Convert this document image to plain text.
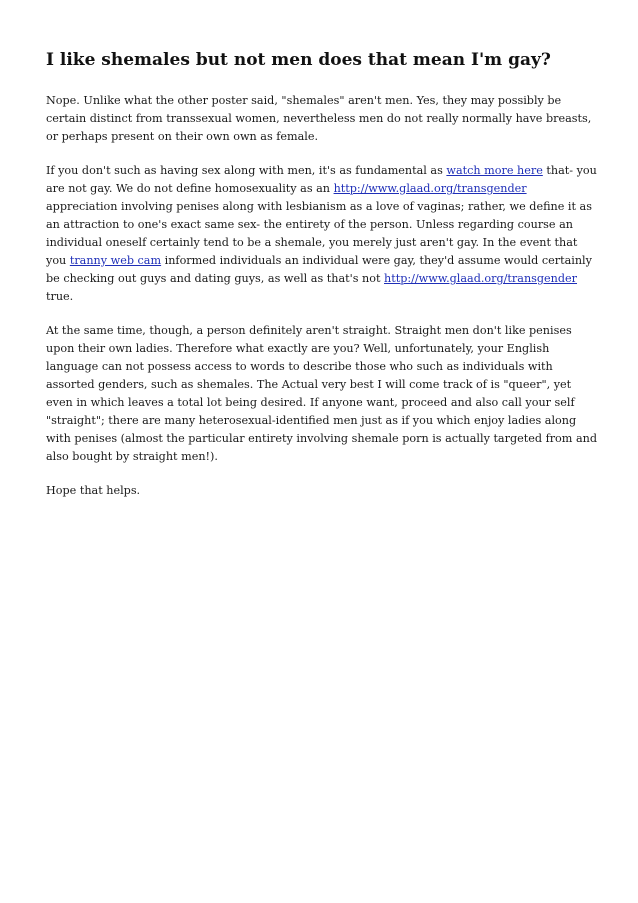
I like shemales but not men does that mean I'm gay?

Nope. Unlike what the other poster said, "shemales" aren't men. Yes, they may possibly be certain distinct from transsexual women, nevertheless men do not really normally have breasts, or perhaps present on their own own as female.

If you don't such as having sex along with men, it's as fundamental as watch more here that- you are not gay. We do not define homosexuality as an http://www.glaad.org/transgender appreciation involving penises along with lesbianism as a love of vaginas; rather, we define it as an attraction to one's exact same sex- the entirety of the person. Unless regarding course an individual oneself certainly tend to be a shemale, you merely just aren't gay. In the event that you tranny web cam informed individuals an individual were gay, they'd assume would certainly be checking out guys and dating guys, as well as that's not http://www.glaad.org/transgender true.

At the same time, though, a person definitely aren't straight. Straight men don't like penises upon their own ladies. Therefore what exactly are you? Well, unfortunately, your English language can not possess access to words to describe those who such as individuals with assorted genders, such as shemales. The Actual very best I will come track of is "queer", yet even in which leaves a total lot being desired. If anyone want, proceed and also call your self "straight"; there are many heterosexual-identified men just as if you which enjoy ladies along with penises (almost the particular entirety involving shemale porn is actually targeted from and also bought by straight men!).

Hope that helps.
